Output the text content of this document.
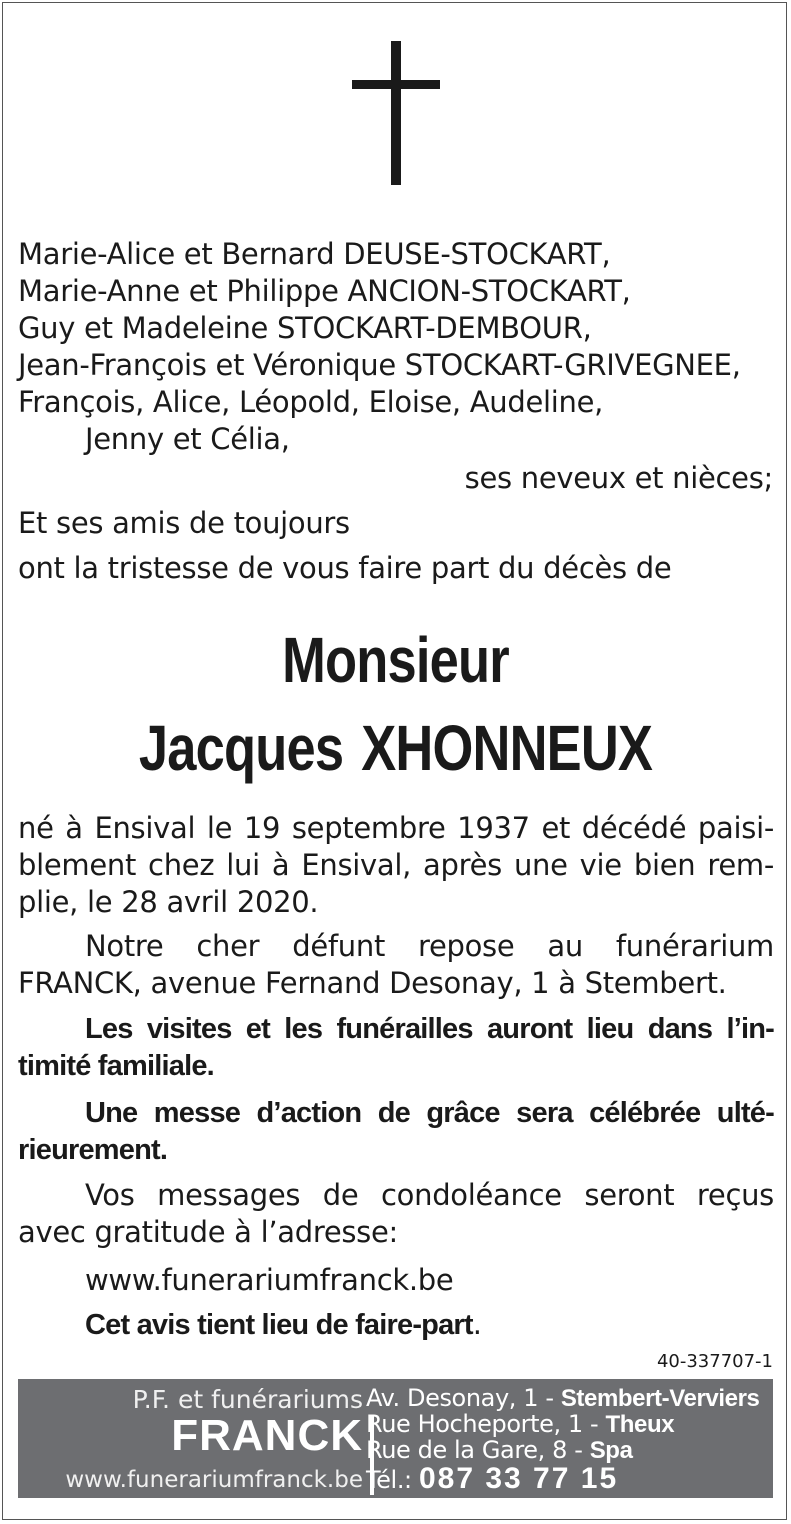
Marie-Alice et Bernard DEUSE-STOCKART,
Marie-Anne et Philippe ANCION-STOCKART,
Guy et Madeleine STOCKART-DEMBOUR,
Jean-François et Véronique STOCKART-GRIVEGNEE,
François, Alice, Léopold, Eloise, Audeline,
Jenny et Célia,
ses neveux et nièces;
Et ses amis de toujours
ont la tristesse de vous faire part du décès de
Monsieur
Jacques XHONNEUX
né à Ensival le 19 septembre 1937 et décédé paisi-
blement chez lui à Ensival, après une vie bien rem-
plie, le 28 avril 2020.
Notre cher défunt repose au funérarium
FRANCK, avenue Fernand Desonay, 1 à Stembert.
Les visites et les funérailles auront lieu dans l’in-
timité familiale.
Une messe d’action de grâce sera célébrée ulté-
rieurement.
Vos messages de condoléance seront reçus
avec gratitude à l’adresse:
www.funerariumfranck.be
Cet avis tient lieu de faire-part.
40-337707-1
P.F. et funérariums
FRANCK
www.funerariumfranck.be
Av. Desonay, 1 - Stembert-Verviers
Rue Hocheporte, 1 - Theux
Rue de la Gare, 8 - Spa
Tél.: 087 33 77 15
